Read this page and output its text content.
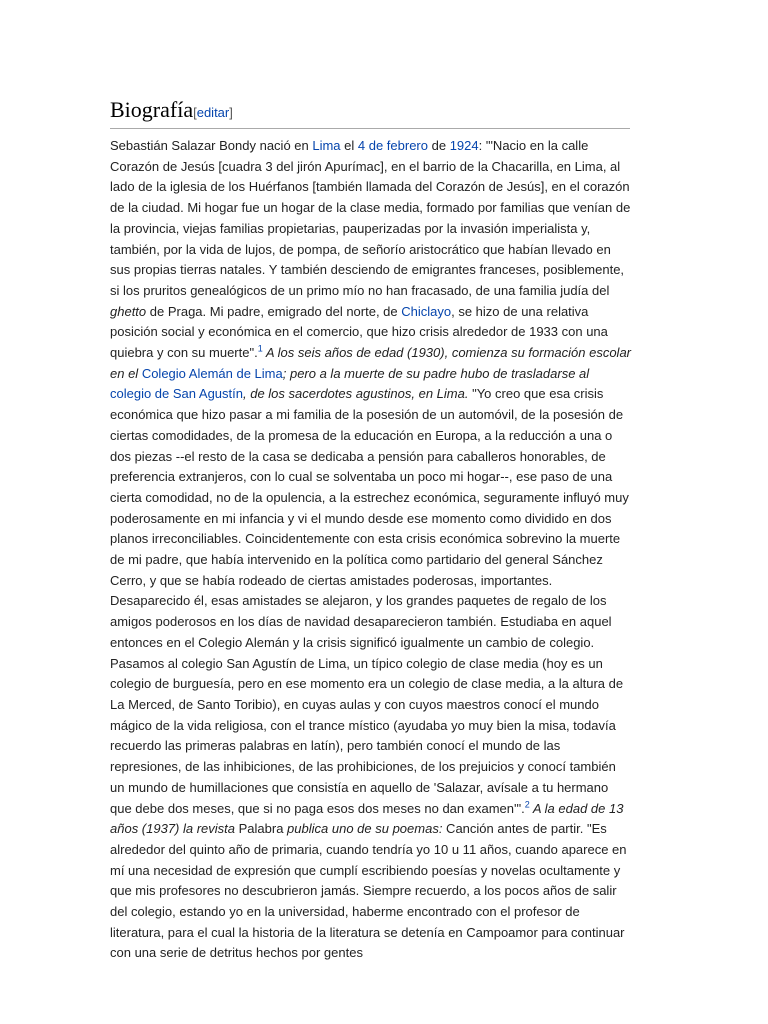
Biografía[editar]
Sebastián Salazar Bondy nació en Lima el 4 de febrero de 1924: "'Nacio en la calle Corazón de Jesús [cuadra 3 del jirón Apurímac], en el barrio de la Chacarilla, en Lima, al lado de la iglesia de los Huérfanos [también llamada del Corazón de Jesús], en el corazón de la ciudad. Mi hogar fue un hogar de la clase media, formado por familias que venían de la provincia, viejas familias propietarias, pauperizadas por la invasión imperialista y, también, por la vida de lujos, de pompa, de señorío aristocrático que habían llevado en sus propias tierras natales. Y también desciendo de emigrantes franceses, posiblemente, si los pruritos genealógicos de un primo mío no han fracasado, de una familia judía del ghetto de Praga. Mi padre, emigrado del norte, de Chiclayo, se hizo de una relativa posición social y económica en el comercio, que hizo crisis alrededor de 1933 con una quiebra y con su muerte".$^1$ A los seis años de edad (1930), comienza su formación escolar en el Colegio Alemán de Lima; pero a la muerte de su padre hubo de trasladarse al colegio de San Agustín, de los sacerdotes agustinos, en Lima. "Yo creo que esa crisis económica que hizo pasar a mi familia de la posesión de un automóvil, de la posesión de ciertas comodidades, de la promesa de la educación en Europa, a la reducción a una o dos piezas --el resto de la casa se dedicaba a pensión para caballeros honorables, de preferencia extranjeros, con lo cual se solventaba un poco mi hogar--, ese paso de una cierta comodidad, no de la opulencia, a la estrechez económica, seguramente influyó muy poderosamente en mi infancia y vi el mundo desde ese momento como dividido en dos planos irreconciliables. Coincidentemente con esta crisis económica sobrevino la muerte de mi padre, que había intervenido en la política como partidario del general Sánchez Cerro, y que se había rodeado de ciertas amistades poderosas, importantes. Desaparecido él, esas amistades se alejaron, y los grandes paquetes de regalo de los amigos poderosos en los días de navidad desaparecieron también. Estudiaba en aquel entonces en el Colegio Alemán y la crisis significó igualmente un cambio de colegio. Pasamos al colegio San Agustín de Lima, un típico colegio de clase media (hoy es un colegio de burguesía, pero en ese momento era un colegio de clase media, a la altura de La Merced, de Santo Toribio), en cuyas aulas y con cuyos maestros conocí el mundo mágico de la vida religiosa, con el trance místico (ayudaba yo muy bien la misa, todavía recuerdo las primeras palabras en latín), pero también conocí el mundo de las represiones, de las inhibiciones, de las prohibiciones, de los prejuicios y conocí también un mundo de humillaciones que consistía en aquello de 'Salazar, avísale a tu hermano que debe dos meses, que si no paga esos dos meses no dan examen'".$^2$ A la edad de 13 años (1937) la revista Palabra publica uno de su poemas: Canción antes de partir. "Es alrededor del quinto año de primaria, cuando tendría yo 10 u 11 años, cuando aparece en mí una necesidad de expresión que cumplí escribiendo poesías y novelas ocultamente y que mis profesores no descubrieron jamás. Siempre recuerdo, a los pocos años de salir del colegio, estando yo en la universidad, haberme encontrado con el profesor de literatura, para el cual la historia de la literatura se detenía en Campoamor para continuar con una serie de detritus hechos por gentes
